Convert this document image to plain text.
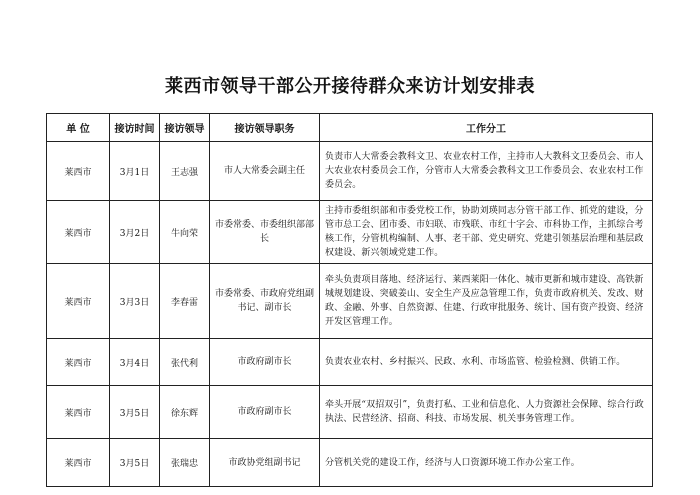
莱西市领导干部公开接待群众来访计划安排表
单 位	接访时间	接访领导	接访领导职务	工作分工
莱西市	3月1日	王志强	市人大常委会副主任	负责市人大常委会教科文卫、农业农村工作，主持市人大教科文卫委员会、市人大农业农村委员会工作，分管市人大常委会教科文卫工作委员会、农业农村工作委员会。
莱西市	3月2日	牛向荣	市委常委、市委组织部部长	主持市委组织部和市委党校工作，协助刘瑛同志分管干部工作、抓党的建设，分管市总工会、团市委、市妇联、市残联、市红十字会、市科协工作，主抓综合考核工作，分管机构编制、人事、老干部、党史研究、党建引领基层治理和基层政权建设、新兴领域党建工作。
莱西市	3月3日	李春雷	市委常委、市政府党组副书记、副市长	牵头负责项目落地、经济运行、莱西莱阳一体化、城市更新和城市建设、高铁新城规划建设、突破姜山、安全生产及应急管理工作，负责市政府机关、发改、财政、金融、外事、自然资源、住建、行政审批服务、统计、国有资产投资、经济开发区管理工作。
莱西市	3月4日	张代利	市政府副市长	负责农业农村、乡村振兴、民政、水利、市场监管、检验检测、供销工作。
莱西市	3月5日	徐东辉	市政府副市长	牵头开展“双招双引”，负责打私、工业和信息化、人力资源社会保障、综合行政执法、民营经济、招商、科技、市场发展、机关事务管理工作。
莱西市	3月5日	张瑞忠	市政协党组副书记	分管机关党的建设工作，经济与人口资源环境工作办公室工作。
